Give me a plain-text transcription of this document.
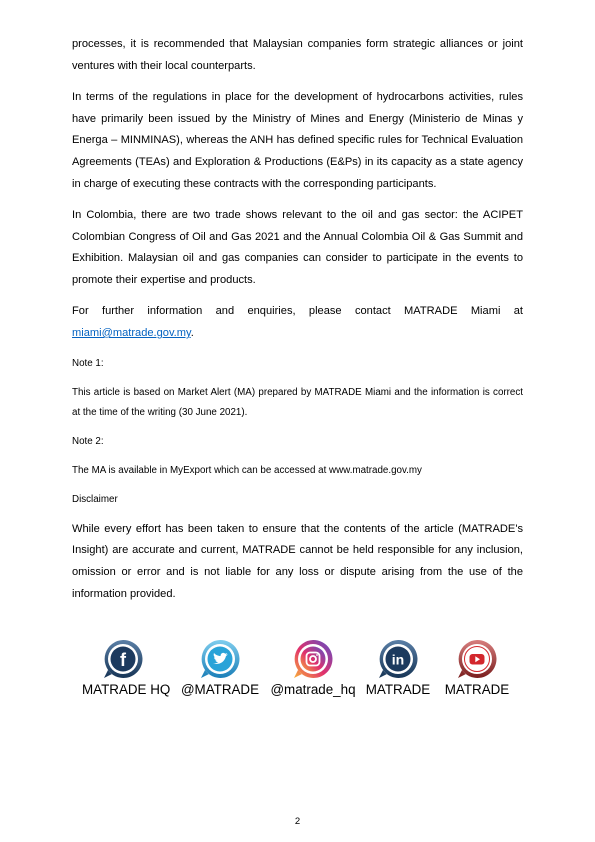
processes, it is recommended that Malaysian companies form strategic alliances or joint ventures with their local counterparts.

In terms of the regulations in place for the development of hydrocarbons activities, rules have primarily been issued by the Ministry of Mines and Energy (Ministerio de Minas y Energa – MINMINAS), whereas the ANH has defined specific rules for Technical Evaluation Agreements (TEAs) and Exploration & Productions (E&Ps) in its capacity as a state agency in charge of executing these contracts with the corresponding participants.

In Colombia, there are two trade shows relevant to the oil and gas sector: the ACIPET Colombian Congress of Oil and Gas 2021 and the Annual Colombia Oil & Gas Summit and Exhibition. Malaysian oil and gas companies can consider to participate in the events to promote their expertise and products.

For further information and enquiries, please contact MATRADE Miami at miami@matrade.gov.my.

Note 1:

This article is based on Market Alert (MA) prepared by MATRADE Miami and the information is correct at the time of the writing (30 June 2021).

Note 2:

The MA is available in MyExport which can be accessed at www.matrade.gov.my

Disclaimer

While every effort has been taken to ensure that the contents of the article (MATRADE's Insight) are accurate and current, MATRADE cannot be held responsible for any inclusion, omission or error and is not liable for any loss or dispute arising from the use of the information provided.

f
MATRADE HQ @MATRADE @matrade_hq
in
MATRADE MATRADE
2
